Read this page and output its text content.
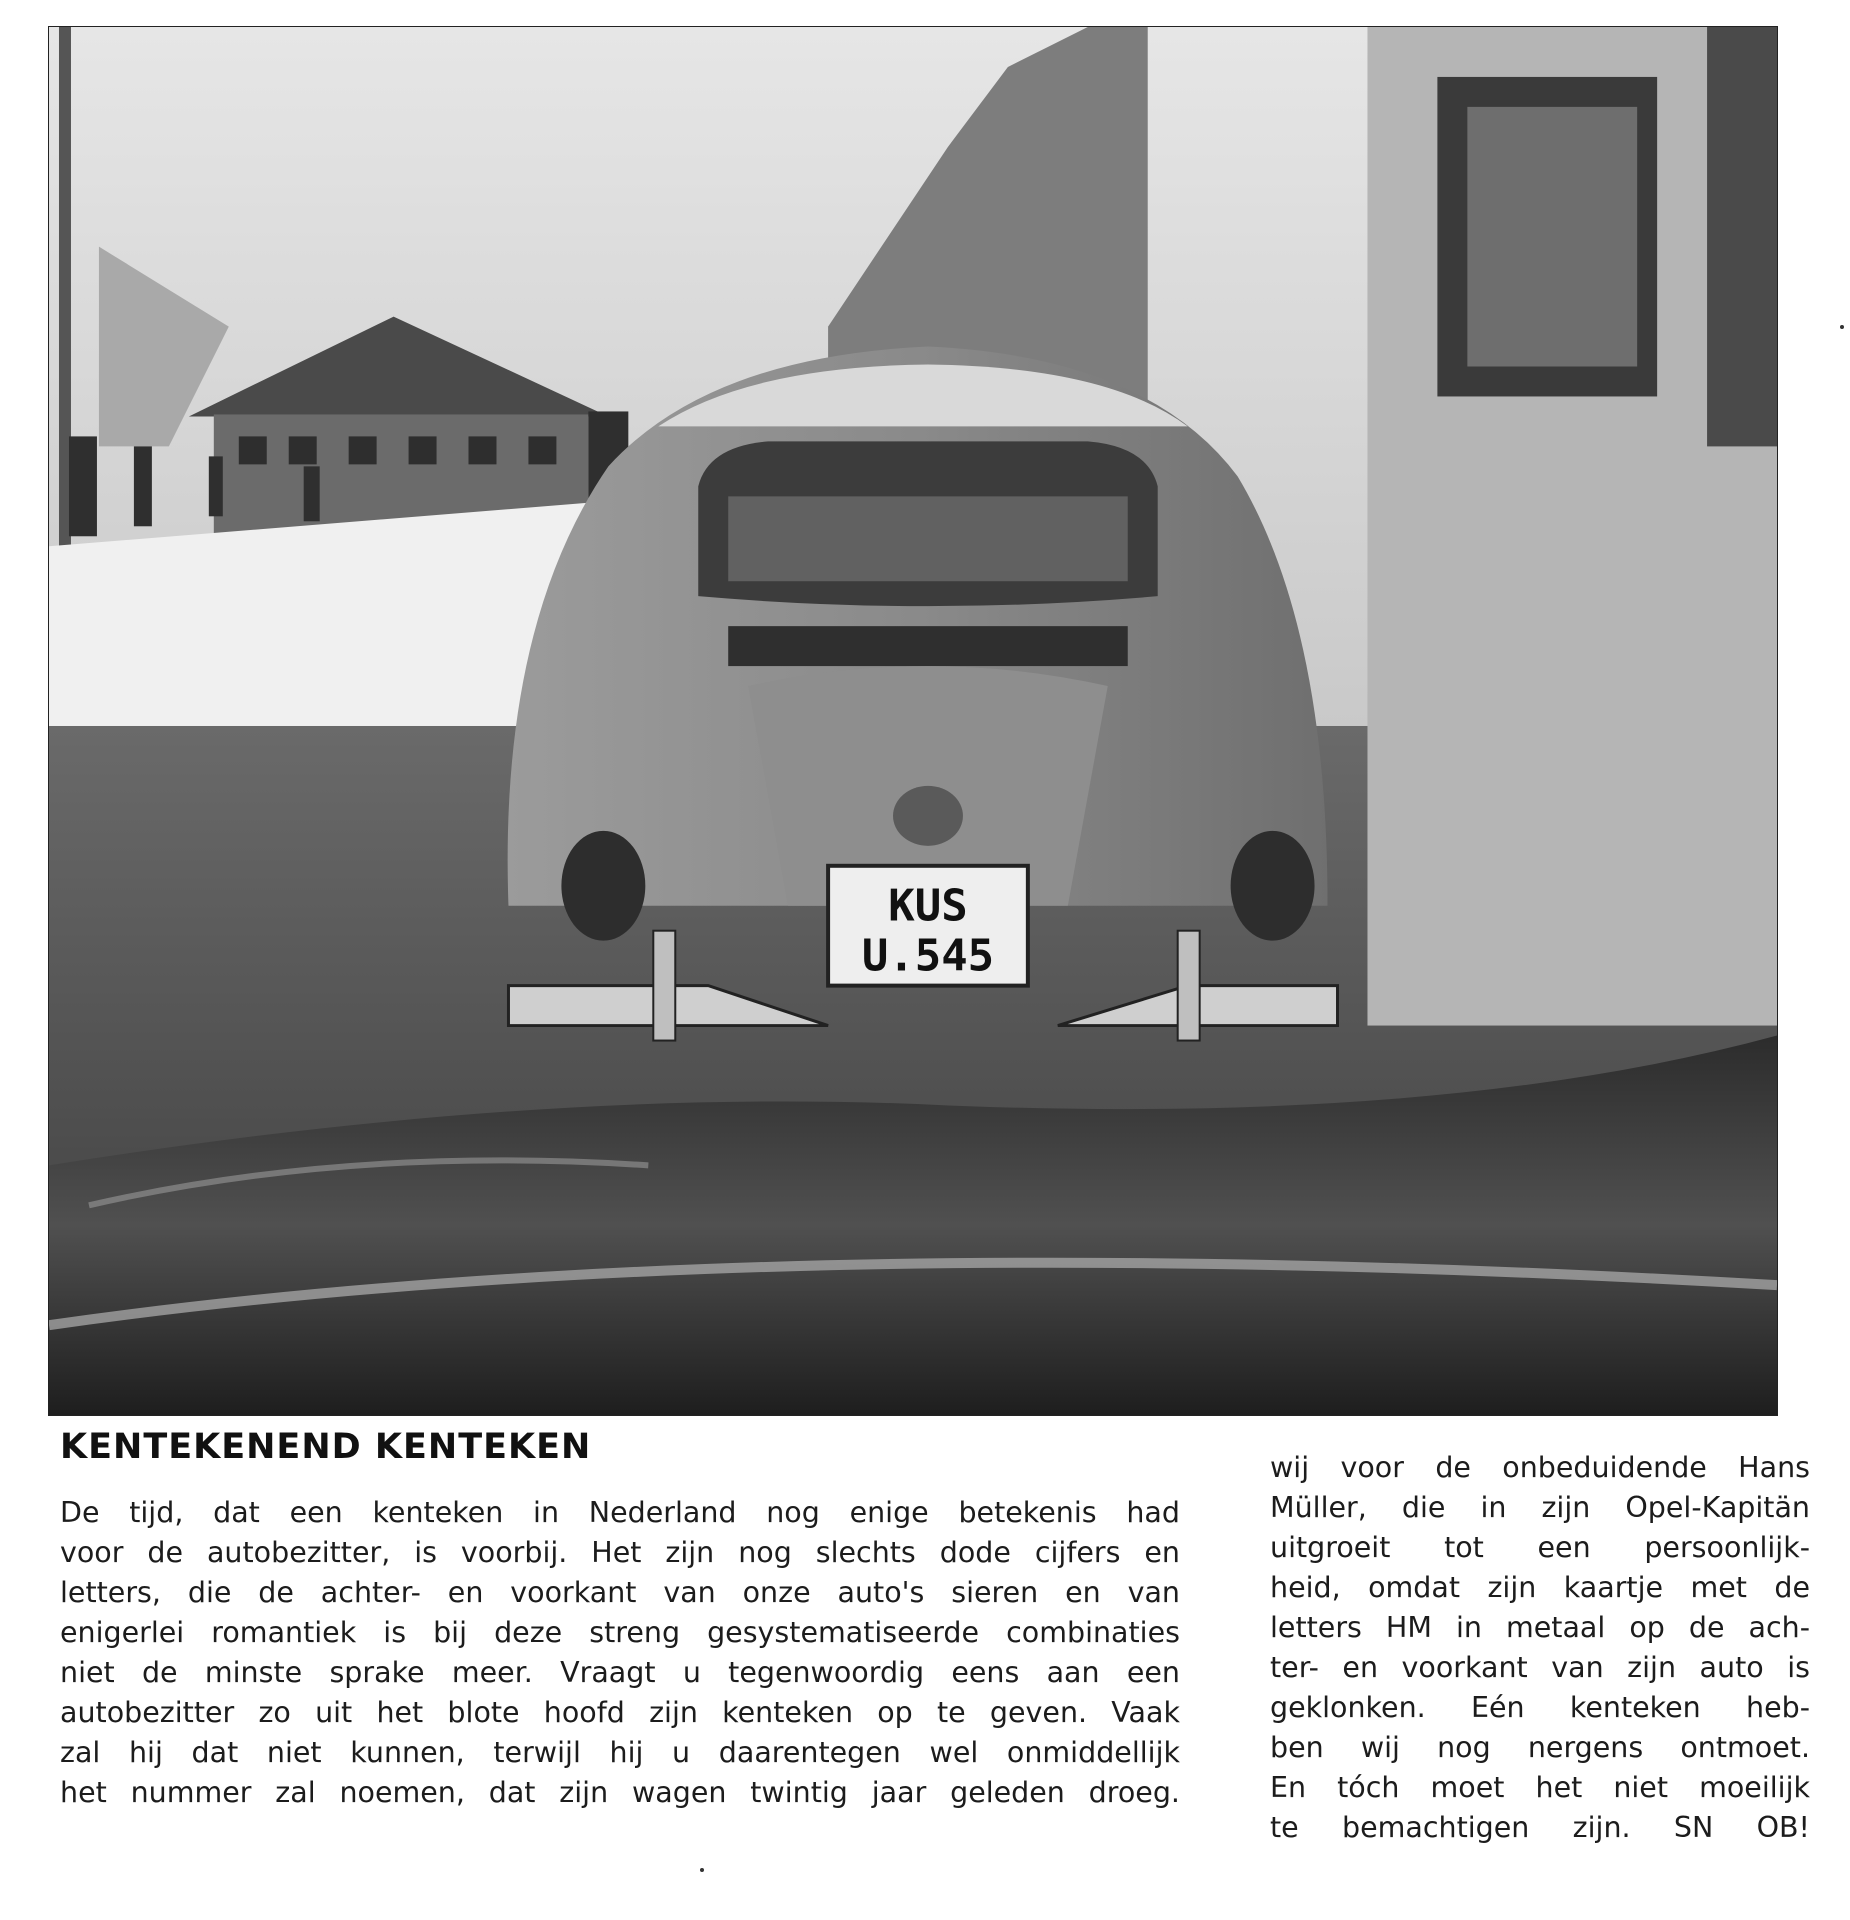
KUS
U.545
KENTEKENEND KENTEKEN
De tijd, dat een kenteken in Nederland nog enige betekenis had
voor de autobezitter, is voorbij. Het zijn nog slechts dode cijfers en
letters, die de achter- en voorkant van onze auto's sieren en van
enigerlei romantiek is bij deze streng gesystematiseerde combinaties
niet de minste sprake meer. Vraagt u tegenwoordig eens aan een
autobezitter zo uit het blote hoofd zijn kenteken op te geven. Vaak
zal hij dat niet kunnen, terwijl hij u daarentegen wel onmiddellijk
het nummer zal noemen, dat zijn wagen twintig jaar geleden droeg.
wij voor de onbeduidende Hans
Müller, die in zijn Opel-Kapitän
uitgroeit tot een persoonlijk-
heid, omdat zijn kaartje met de
letters HM in metaal op de ach-
ter- en voorkant van zijn auto is
geklonken. Eén kenteken heb-
ben wij nog nergens ontmoet.
En tóch moet het niet moeilijk
te bemachtigen zijn. SN OB!
